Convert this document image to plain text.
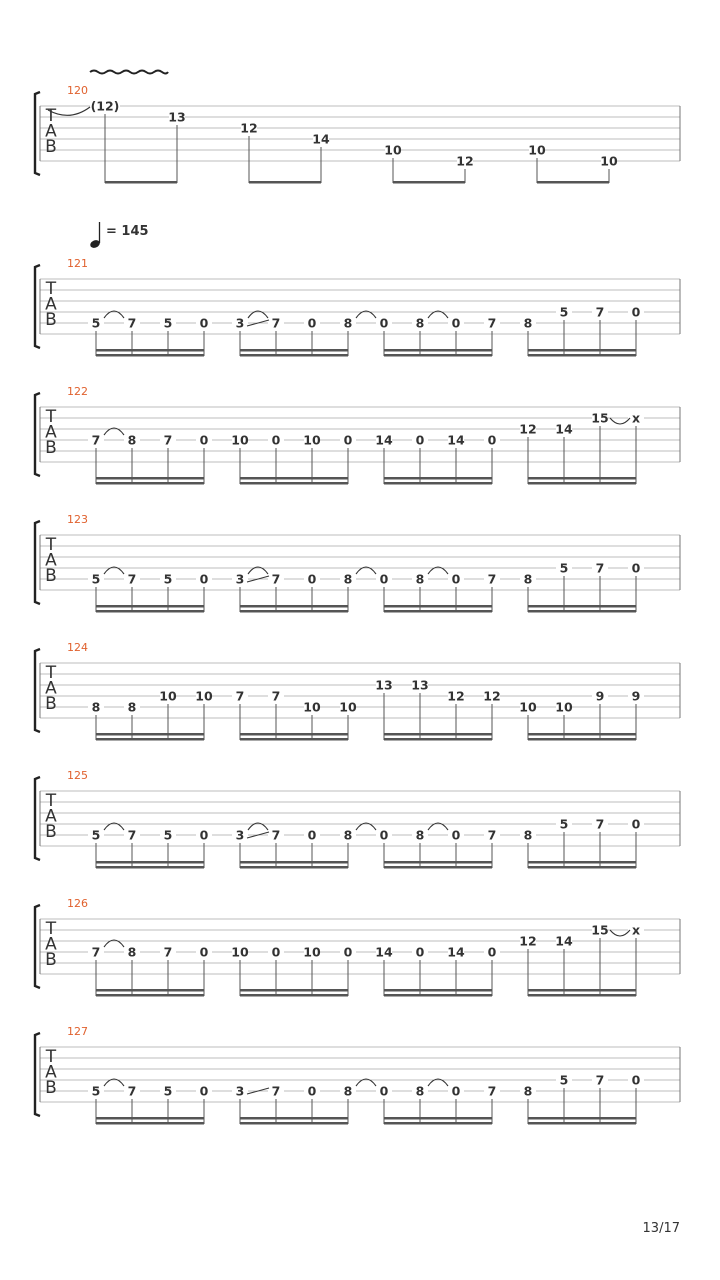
T
A
B
120
(12)
13
12
14
10
12
10
10
T
A
B
121
5 7 5 0 3 7 0 8 0 8 0 7 8
5 7 0
T
A
B
122
7 8 7 0 10 0 10 0 14 0 14 0
12 14
15 x
T
A
B
123
5 7 5 0 3 7 0 8 0 8 0 7 8
5 7 0
T
A
B
124
8 8
10 10 7 7
10 10
13 13
12 12
10 10
9 9
T
A
B
125
5 7 5 0 3 7 0 8 0 8 0 7 8
5 7 0
T
A
B
126
7 8 7 0 10 0 10 0 14 0 14 0
12 14
15 x
T
A
B
127
5 7 5 0 3 7 0 8 0 8 0 7 8
5 7 0
= 145
13/17
